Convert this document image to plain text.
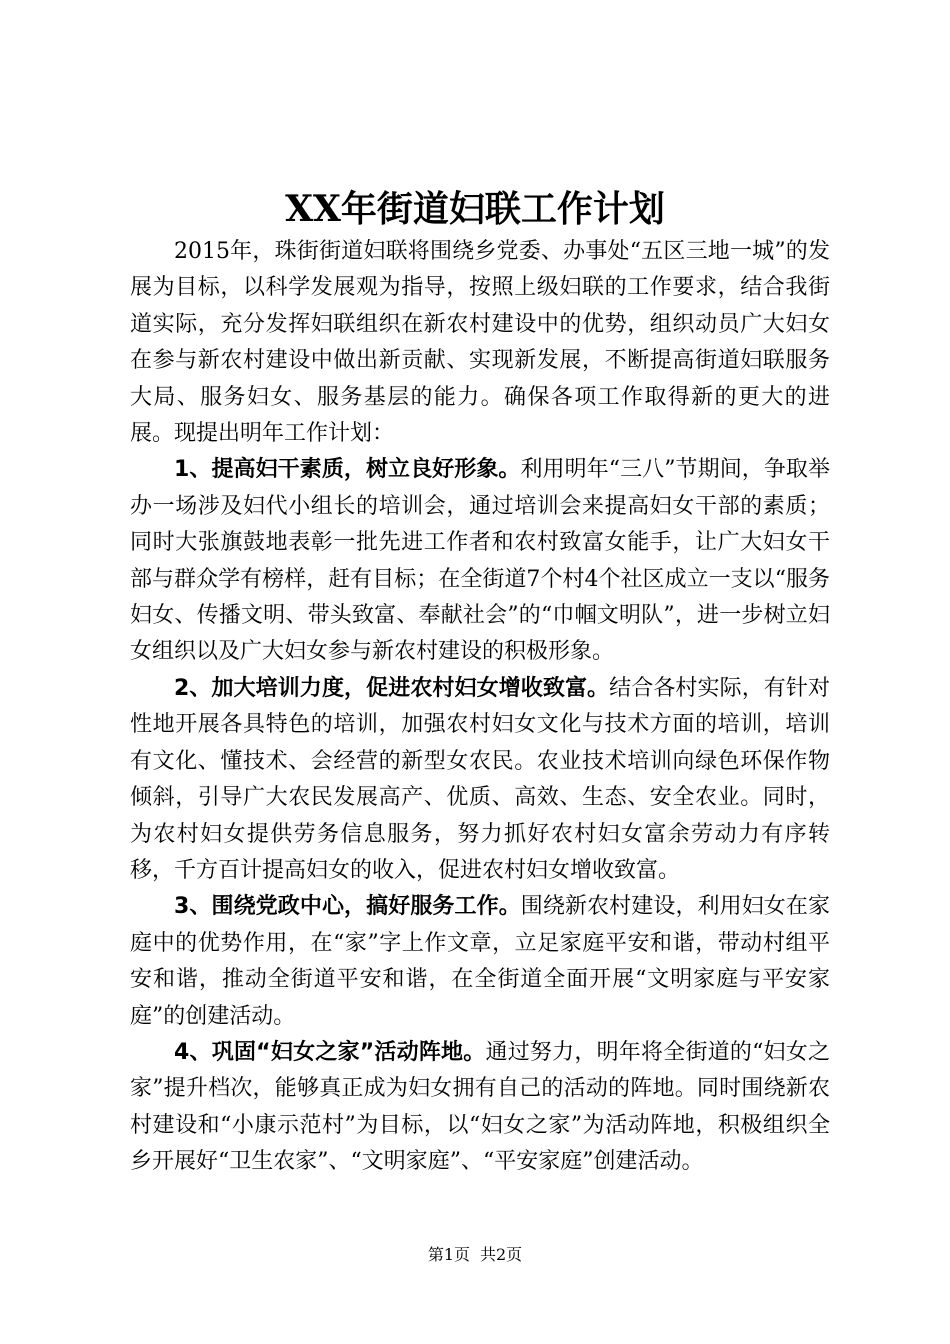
XX年街道妇联工作计划

2015年，珠街街道妇联将围绕乡党委、办事处“五区三地一城”的发展为目标，以科学发展观为指导，按照上级妇联的工作要求，结合我街道实际，充分发挥妇联组织在新农村建设中的优势，组织动员广大妇女在参与新农村建设中做出新贡献、实现新发展，不断提高街道妇联服务大局、服务妇女、服务基层的能力。确保各项工作取得新的更大的进展。现提出明年工作计划：

1、提高妇干素质，树立良好形象。利用明年“三八”节期间，争取举办一场涉及妇代小组长的培训会，通过培训会来提高妇女干部的素质；同时大张旗鼓地表彰一批先进工作者和农村致富女能手，让广大妇女干部与群众学有榜样，赶有目标；在全街道7个村4个社区成立一支以“服务妇女、传播文明、带头致富、奉献社会”的“巾帼文明队”，进一步树立妇女组织以及广大妇女参与新农村建设的积极形象。

2、加大培训力度，促进农村妇女增收致富。结合各村实际，有针对性地开展各具特色的培训，加强农村妇女文化与技术方面的培训，培训有文化、懂技术、会经营的新型女农民。农业技术培训向绿色环保作物倾斜，引导广大农民发展高产、优质、高效、生态、安全农业。同时，为农村妇女提供劳务信息服务，努力抓好农村妇女富余劳动力有序转移，千方百计提高妇女的收入，促进农村妇女增收致富。

3、围绕党政中心，搞好服务工作。围绕新农村建设，利用妇女在家庭中的优势作用，在“家”字上作文章，立足家庭平安和谐，带动村组平安和谐，推动全街道平安和谐，在全街道全面开展“文明家庭与平安家庭”的创建活动。

4、巩固“妇女之家”活动阵地。通过努力，明年将全街道的“妇女之家”提升档次，能够真正成为妇女拥有自己的活动的阵地。同时围绕新农村建设和“小康示范村”为目标，以“妇女之家”为活动阵地，积极组织全乡开展好“卫生农家”、“文明家庭”、“平安家庭”创建活动。

第1页 共2页
